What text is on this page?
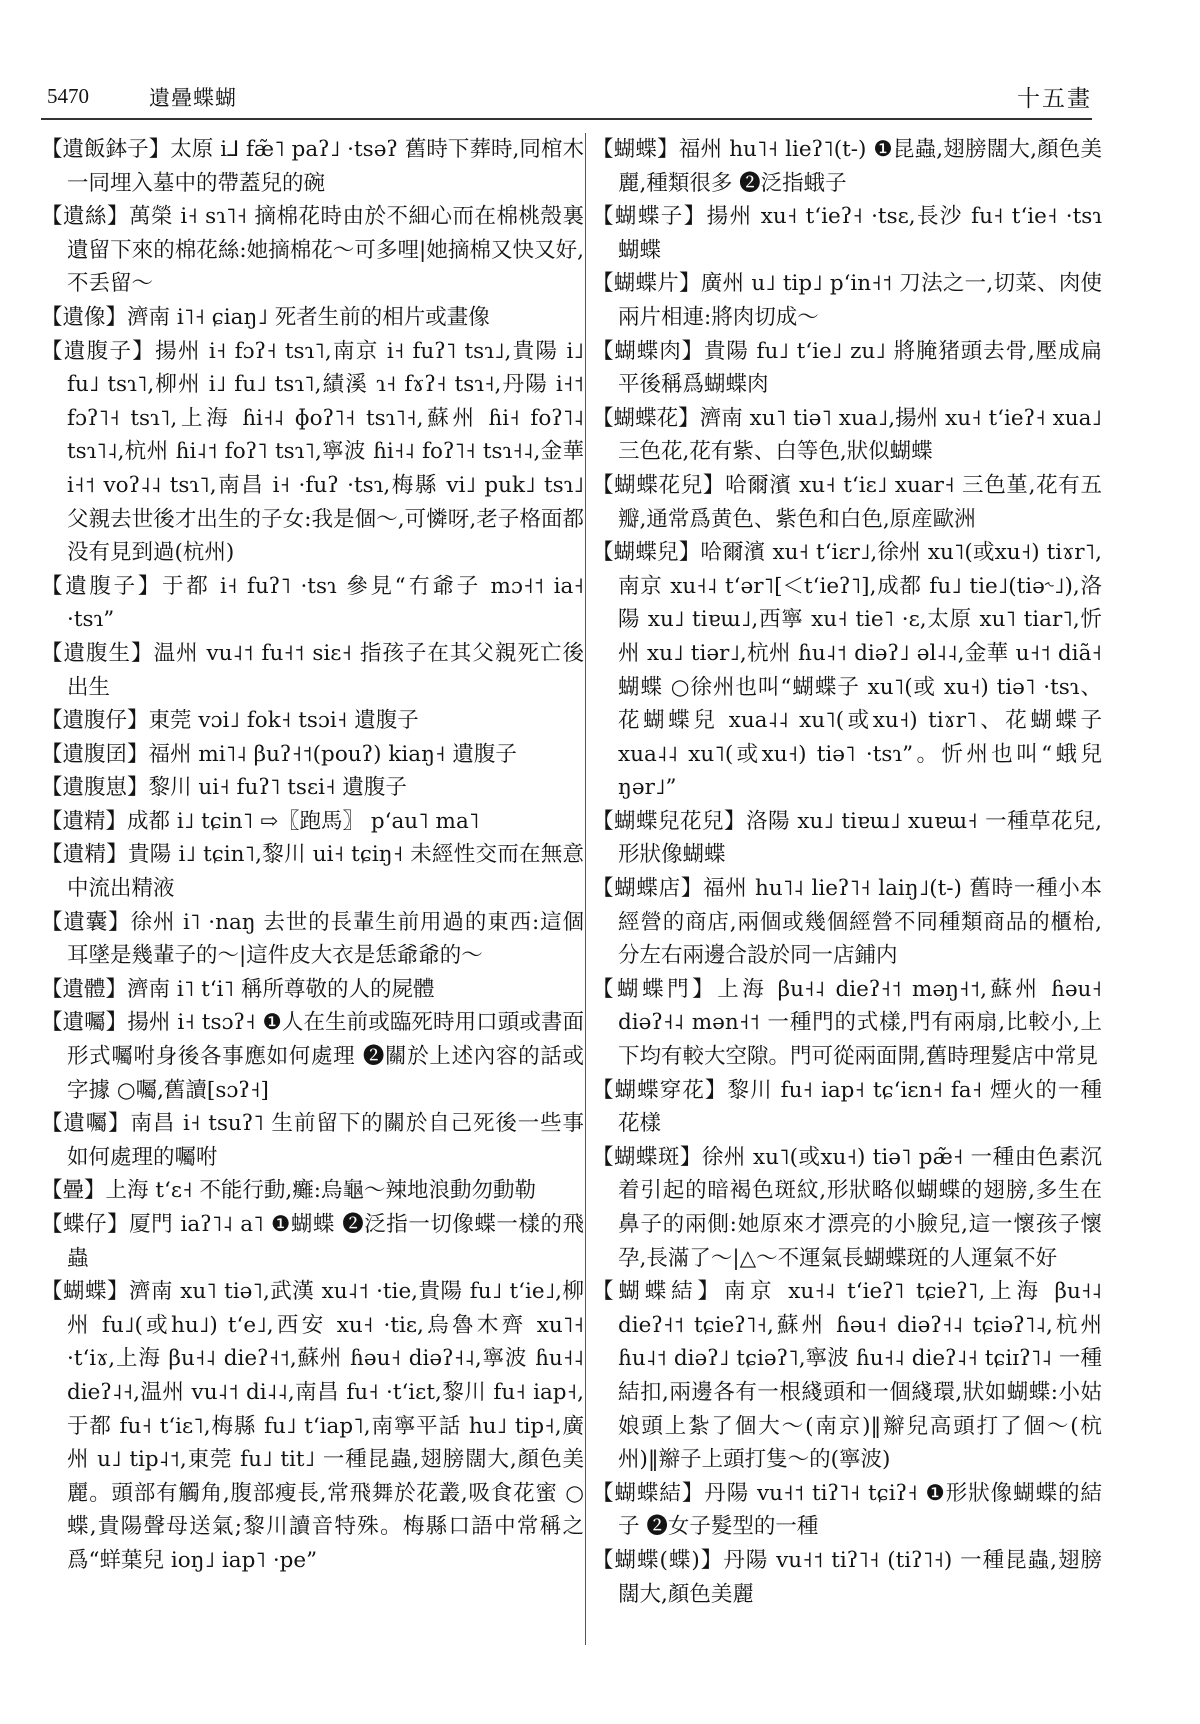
5470	遺曡蝶蝴	十五畫
【遺飯鉢子】太原 i⅃ fæ̃˥ paʔ˩ ·tsəʔ 舊時下葬時,同棺木一同埋入墓中的帶蓋兒的碗
【遺絲】萬榮 i˧ sɿ˥˧ 摘棉花時由於不細心而在棉桃殼裏遺留下來的棉花絲:她摘棉花～可多哩|她摘棉又快又好,不丢留～
【遺像】濟南 i˥˧ ɕiaŋ˩ 死者生前的相片或畫像
【遺腹子】揚州 i˧ fɔʔ˧ tsɿ˥,南京 i˧ fuʔ˥ tsɿ˩,貴陽 i˩ fu˩ tsɿ˥,柳州 i˩ fu˩ tsɿ˥,績溪 ɿ˧ fɤʔ˧ tsɿ˧,丹陽 i˧˦ fɔʔ˥˧ tsɿ˥,上海 ɦi˧˨ ɸoʔ˥˧ tsɿ˥˧,蘇州 ɦi˧ foʔ˥˨ tsɿ˥˨,杭州 ɦi˨˦ foʔ˥ tsɿ˥,寧波 ɦi˧˨ foʔ˥˧ tsɿ˧˨,金華 i˧˦ voʔ˨˨ tsɿ˥,南昌 i˧ ·fuʔ ·tsɿ,梅縣 vi˩ puk˩ tsɿ˩ 父親去世後才出生的子女:我是個～,可憐呀,老子格面都没有見到過(杭州)
【遺腹子】于都 i˧ fuʔ˥ ·tsɿ 參見“冇爺子 mɔ˧˦ ia˧ ·tsɿ”
【遺腹生】温州 vu˨˦ fu˧˦ siɛ˧ 指孩子在其父親死亡後出生
【遺腹仔】東莞 vɔi˩ fok˧ tsɔi˧ 遺腹子
【遺腹囝】福州 mi˥˨ βuʔ˧˦(pouʔ) kiaŋ˧ 遺腹子
【遺腹崽】黎川 ui˧ fuʔ˥ tsɛi˧ 遺腹子
【遺精】成都 i˩ tɕin˥ ⇨〖跑馬〗 pʻau˥ ma˥
【遺精】貴陽 i˩ tɕin˥,黎川 ui˧ tɕiŋ˧ 未經性交而在無意中流出精液
【遺囊】徐州 i˥ ·naŋ 去世的長輩生前用過的東西:這個耳墜是幾輩子的～|這件皮大衣是恁爺爺的～
【遺體】濟南 i˥ tʻi˥ 稱所尊敬的人的屍體
【遺囑】揚州 i˧ tsɔʔ˧ ❶人在生前或臨死時用口頭或書面形式囑咐身後各事應如何處理 ❷關於上述內容的話或字據 ○囑,舊讀[sɔʔ˧]
【遺囑】南昌 i˧ tsuʔ˥ 生前留下的關於自己死後一些事如何處理的囑咐
【曡】上海 tʻɛ˧ 不能行動,癱:烏龜～辣地浪動勿動勒
【蝶仔】厦門 iaʔ˥˨ a˥ ❶蝴蝶 ❷泛指一切像蝶一樣的飛蟲
【蝴蝶】濟南 xu˥ tiə˥,武漢 xu˨˦ ·tie,貴陽 fu˩ tʻie˩,柳州 fu˩(或hu˩) tʻe˩,西安 xu˧ ·tiɛ,烏魯木齊 xu˥˧ ·tʻiɤ,上海 βu˧˨ dieʔ˧˦,蘇州 ɦəu˧ diəʔ˧˨,寧波 ɦu˧˨ dieʔ˨˧,温州 vu˨˦ di˨˨,南昌 fu˧ ·tʻiɛt,黎川 fu˧ iap˧,于都 fu˧ tʻiɛ˥,梅縣 fu˩ tʻiap˥,南寧平話 hu˩ tip˧,廣州 u˩ tip˨˦,東莞 fu˩ tit˩ 一種昆蟲,翅膀闊大,顏色美麗。頭部有觸角,腹部瘦長,常飛舞於花叢,吸食花蜜 ○蝶,貴陽聲母送氣;黎川讀音特殊。梅縣口語中常稱之爲“蛘葉兒 ioŋ˩ iap˥ ·pe”
【蝴蝶】福州 hu˥˧ lieʔ˥(t-) ❶昆蟲,翅膀闊大,顏色美麗,種類很多 ❷泛指蛾子
【蝴蝶子】揚州 xu˧ tʻieʔ˧ ·tsɛ,長沙 fu˧ tʻie˧ ·tsɿ 蝴蝶
【蝴蝶片】廣州 u˩ tip˩ pʻin˧˦ 刀法之一,切菜、肉使兩片相連:將肉切成～
【蝴蝶肉】貴陽 fu˩ tʻie˩ zu˩ 將腌猪頭去骨,壓成扁平後稱爲蝴蝶肉
【蝴蝶花】濟南 xu˥ tiə˥ xua˩,揚州 xu˧ tʻieʔ˧ xua˩ 三色花,花有紫、白等色,狀似蝴蝶
【蝴蝶花兒】哈爾濱 xu˧ tʻiɛ˩ xuar˧ 三色堇,花有五瓣,通常爲黄色、紫色和白色,原産歐洲
【蝴蝶兒】哈爾濱 xu˧ tʻiɛr˩,徐州 xu˥(或xu˧) tiɤr˥,南京 xu˧˨ tʻər˥[＜tʻieʔ˥],成都 fu˩ tie˩(tiə˞˩),洛陽 xu˩ tiɐɯ˩,西寧 xu˧ tie˥ ·ɛ,太原 xu˥ tiar˥,忻州 xu˩ tiər˩,杭州 ɦu˨˦ diəʔ˩ əl˨˨,金華 u˧˦ diã˧ 蝴蝶 ○徐州也叫“蝴蝶子 xu˥(或 xu˧) tiə˥ ·tsɿ、花蝴蝶兒 xua˨˨ xu˥(或xu˧) tiɤr˥、花蝴蝶子 xua˨˨ xu˥(或xu˧) tiə˥ ·tsɿ”。忻州也叫“蛾兒 ŋər˩”
【蝴蝶兒花兒】洛陽 xu˩ tiɐɯ˩ xuɐɯ˧ 一種草花兒,形狀像蝴蝶
【蝴蝶店】福州 hu˥˨ lieʔ˥˧ laiŋ˩(t-) 舊時一種小本經營的商店,兩個或幾個經營不同種類商品的櫃枱,分左右兩邊合設於同一店鋪内
【蝴蝶門】上海 βu˧˨ dieʔ˧˦ məŋ˧˦,蘇州 ɦəu˧ diəʔ˧˨ mən˧˦ 一種門的式樣,門有兩扇,比較小,上下均有較大空隙。門可從兩面開,舊時理髮店中常見
【蝴蝶穿花】黎川 fu˧ iap˧ tɕʻiɛn˧ fa˧ 煙火的一種花樣
【蝴蝶斑】徐州 xu˥(或xu˧) tiə˥ pæ̃˧ 一種由色素沉着引起的暗褐色斑紋,形狀略似蝴蝶的翅膀,多生在鼻子的兩側:她原來才漂亮的小臉兒,這一懷孩子懷孕,長滿了～|△～不運氣長蝴蝶斑的人運氣不好
【蝴蝶結】南京 xu˧˨ tʻieʔ˥ tɕieʔ˥,上海 βu˧˨ dieʔ˧˦ tɕieʔ˥˧,蘇州 ɦəu˧ diəʔ˧˨ tɕiəʔ˥˨,杭州 ɦu˨˦ diəʔ˩ tɕiəʔ˥,寧波 ɦu˧˨ dieʔ˨˧ tɕiɪʔ˥˨ 一種結扣,兩邊各有一根綫頭和一個綫環,狀如蝴蝶:小姑娘頭上紮了個大～(南京)‖辮兒高頭打了個～(杭州)‖辮子上頭打隻～的(寧波)
【蝴蝶結】丹陽 vu˧˦ tiʔ˥˧ tɕiʔ˧ ❶形狀像蝴蝶的結子 ❷女子髮型的一種
【蝴蝶(蝶)】丹陽 vu˧˦ tiʔ˥˧ (tiʔ˥˧) 一種昆蟲,翅膀闊大,顏色美麗
